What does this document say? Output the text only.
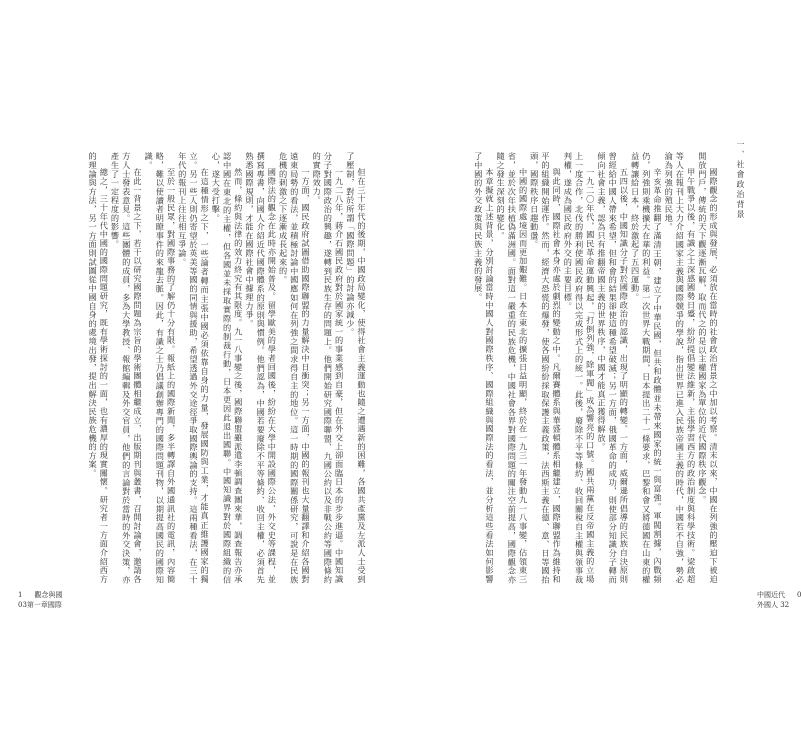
但在三十年代的後期，中國政局變化，使得社會主義運動也隨之遭遇新的困難，各國共產黨及左派人士受到了壓制，對於所謂「國際問題」的討論亦減少。

一九二八年，蔣介石國民政府對於國家統一的事業感到自豪，但在外交上卻面臨日本的步步進逼。中國知識分子對國際政治的興趣，遂轉到民族生存的問題上。他們開始研究國際聯盟、九國公約以及非戰公約等國際條約的實際效力。

一方面，國民政府試圖借助國際聯盟的力量解決中日衝突；另一方面，中國的報刊也大量翻譯和介紹各國對遠東局勢的看法，並積極討論中國應如何在列強之間求得自主的地位。這一時期的國際關係研究，可說是在民族危機的刺激之下逐漸成長起來的。

國際法的觀念在此時亦開始普及。留學歐美的學者回國後，紛紛在大學中開設國際公法、外交史等課程，並撰寫專書，向國人介紹近代國際體系的原則與慣例。他們認為，中國若要廢除不平等條約、收回主權，必須首先熟悉國際規則，才能在國際社會中據理力爭。

然而，條約與法律的效力終究有其限度。九一八事變之後，國際聯盟雖派遣李頓調查團來華，調查報告亦承認中國在東北的主權，但各國並未採取實際的制裁行動，日本更因此退出國聯。中國知識界對於國際組織的信心，遂大受打擊。

在這種情形之下，一些論者轉而主張中國必須依靠自身的力量，發展國防與工業，才能真正維護國家的獨立。另一些人則仍寄望於英美等國的同情與援助，希望透過外交途徑爭取國際輿論的支持。這兩種看法，在三十年代的報刊上往往相互爭論。

至於一般民眾，對國際事務的了解仍十分有限。報紙上的國際新聞，多半轉譯自外國通訊社的電訊，內容簡略，難以使讀者明瞭事件的來龍去脈。因此，有識之士乃倡議創辦專門的國際問題刊物，以期提高國民的國際知識。

在此一背景之下，若干以研究國際問題為宗旨的學術團體相繼成立，出版期刊與叢書，召開討論會，邀請各方人士發表意見。這些團體的成員，多為大學教授、報館編輯及外交官員，他們的言論對於當時的外交決策，亦產生了一定程度的影響。

總之，三十年代中國的國際問題研究，既有學術探討的一面，也有濃厚的現實關懷。研究者一方面介紹西方的理論與方法，另一方面則試圖從中國自身的處境出發，提出解決民族危機的方案。

1 觀念與國
03第一章國際
一、社會政治背景

國際觀念的形成與發展，必須放在當時的社會政治背景之中加以考察。清末以來，中國在列強的壓迫下被迫開放門戶，傳統的天下觀逐漸瓦解，取而代之的是以主權國家為單位的近代國際秩序觀念。

甲午戰爭以後，有識之士深感國勢日蹙，紛紛提倡變法維新，主張學習西方的政治制度與科學技術。梁啟超等人在報刊上大力介紹國家主義與國際競爭的學說，指出世界已進入民族帝國主義的時代，中國若不自強，勢必淪為列強的殖民地。

辛亥革命推翻了滿清王朝，建立了中華民國，但共和政體並未帶來國家的統一與富強。軍閥割據，內戰頻仍，列強則乘機擴大在華的利益。第一次世界大戰期間，日本提出二十一條要求，巴黎和會又將德國在山東的權益轉讓給日本，終於激起了五四運動。

五四以後，中國知識分子對於國際政治的認識，出現了明顯的轉變。一方面，威爾遜所倡導的民族自決原則曾經給中國人帶來希望，但和會的結果卻使這種希望破滅；另一方面，俄國革命的成功，則使部分知識分子轉而傾向社會主義，認為只有推翻帝國主義的世界秩序，中國才能真正獲得解放。

一九二〇年代，國民革命運動興起，「打倒列強，除軍閥」成為響亮的口號。國共兩黨在反帝國主義的立場上一度合作，北伐的勝利使國民政府得以完成形式上的統一。此後，廢除不平等條約、收回關稅自主權與領事裁判權，遂成為國民政府外交的主要目標。

與此同時，國際社會本身亦處於劇烈的變動之中。凡爾賽體系與華盛頓體系相繼建立，國際聯盟作為維持和平的組織開始運作。然而，經濟大恐慌的爆發，使各國紛紛採取保護主義政策，法西斯主義在德、意、日等國抬頭，國際秩序日趨動盪。

中國的國際處境因而更加艱難。日本在東北的擴張日益明顯，終於在一九三一年發動九一八事變，佔領東三省，並於次年扶植偽滿洲國。面對這一嚴重的民族危機，中國社會各界對國際問題的關注空前提高，國際觀念亦隨之發生深刻的變化。

本章擬就上述背景，分別討論當時中國人對國際秩序、國際組織與國際法的看法，並分析這些看法如何影響了中國的外交政策與民族主義的發展。

中國近代 0
外國人 32
